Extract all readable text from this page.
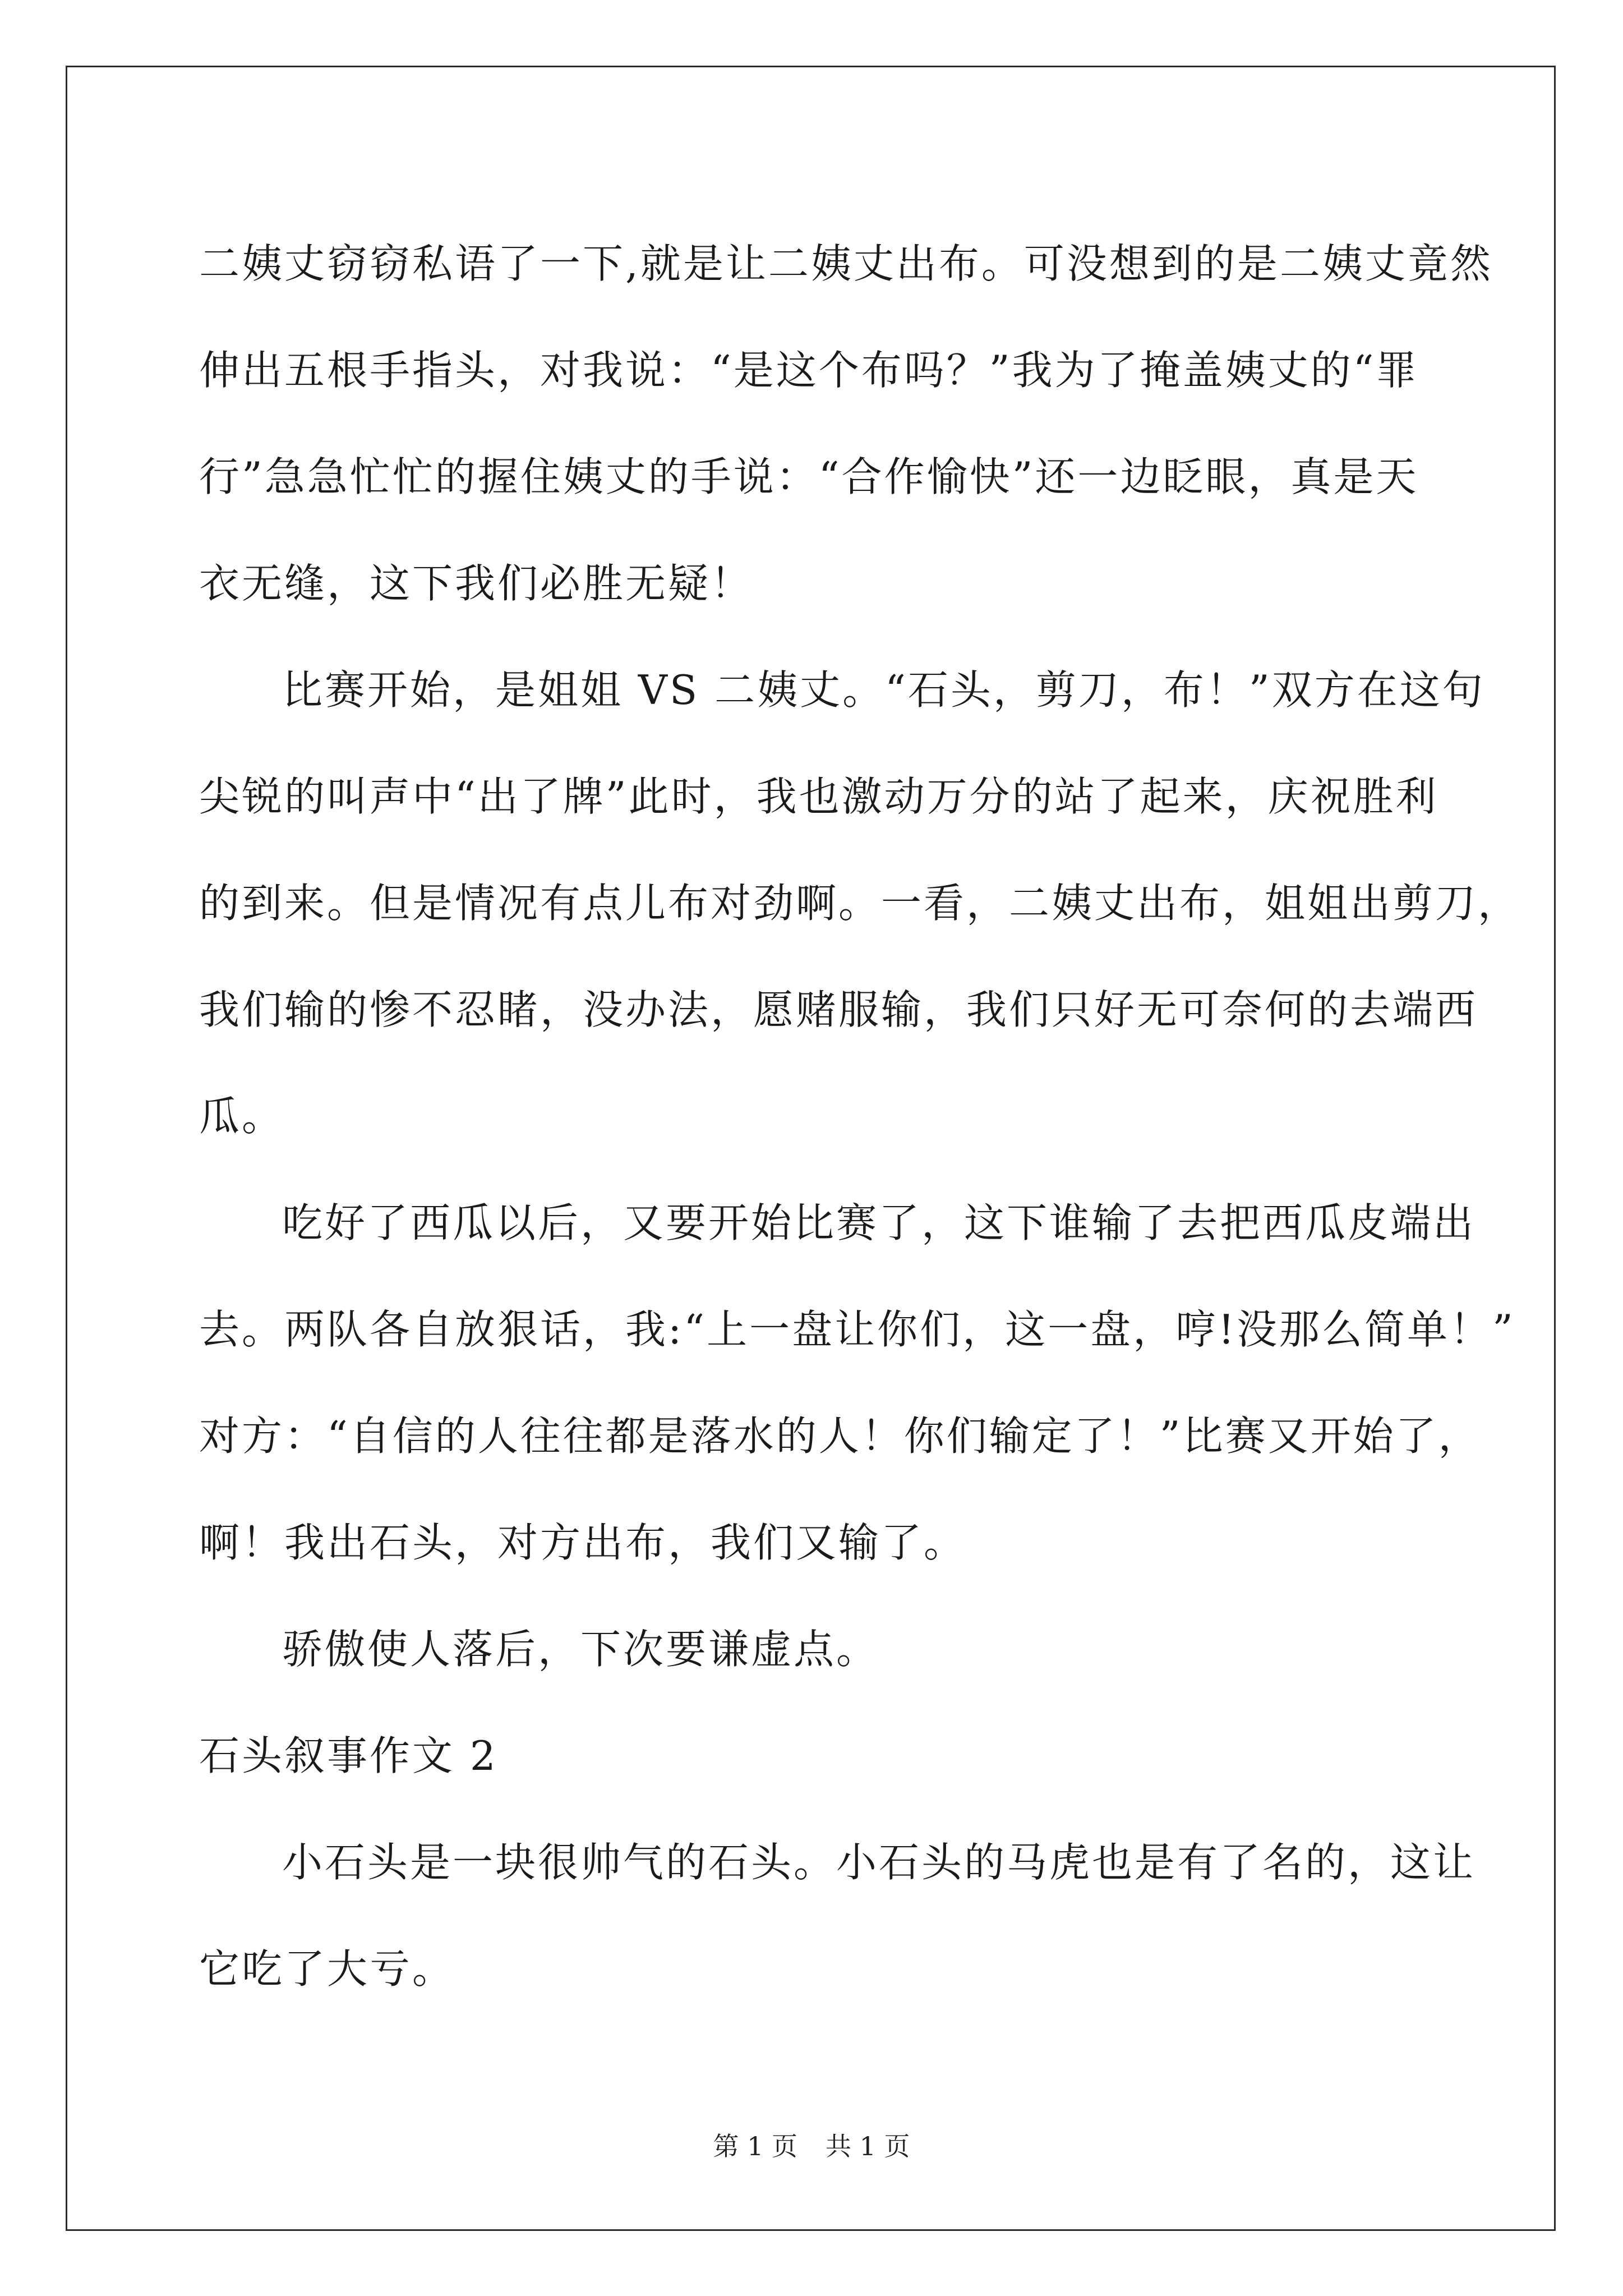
二姨丈窃窃私语了一下,就是让二姨丈出布。可没想到的是二姨丈竟然
伸出五根手指头，对我说：“是这个布吗？”我为了掩盖姨丈的“罪
行”急急忙忙的握住姨丈的手说：“合作愉快”还一边眨眼，真是天
衣无缝，这下我们必胜无疑！
比赛开始，是姐姐 VS 二姨丈。“石头，剪刀，布！”双方在这句
尖锐的叫声中“出了牌”此时，我也激动万分的站了起来，庆祝胜利
的到来。但是情况有点儿布对劲啊。一看，二姨丈出布，姐姐出剪刀，
我们输的惨不忍睹，没办法，愿赌服输，我们只好无可奈何的去端西
瓜。
吃好了西瓜以后，又要开始比赛了，这下谁输了去把西瓜皮端出
去。两队各自放狠话，我:“上一盘让你们，这一盘，哼!没那么简单！”
对方：“自信的人往往都是落水的人！你们输定了！”比赛又开始了，
啊！我出石头，对方出布，我们又输了。
骄傲使人落后，下次要谦虚点。
石头叙事作文 2
小石头是一块很帅气的石头。小石头的马虎也是有了名的，这让
它吃了大亏。
第 1 页 共 1 页
